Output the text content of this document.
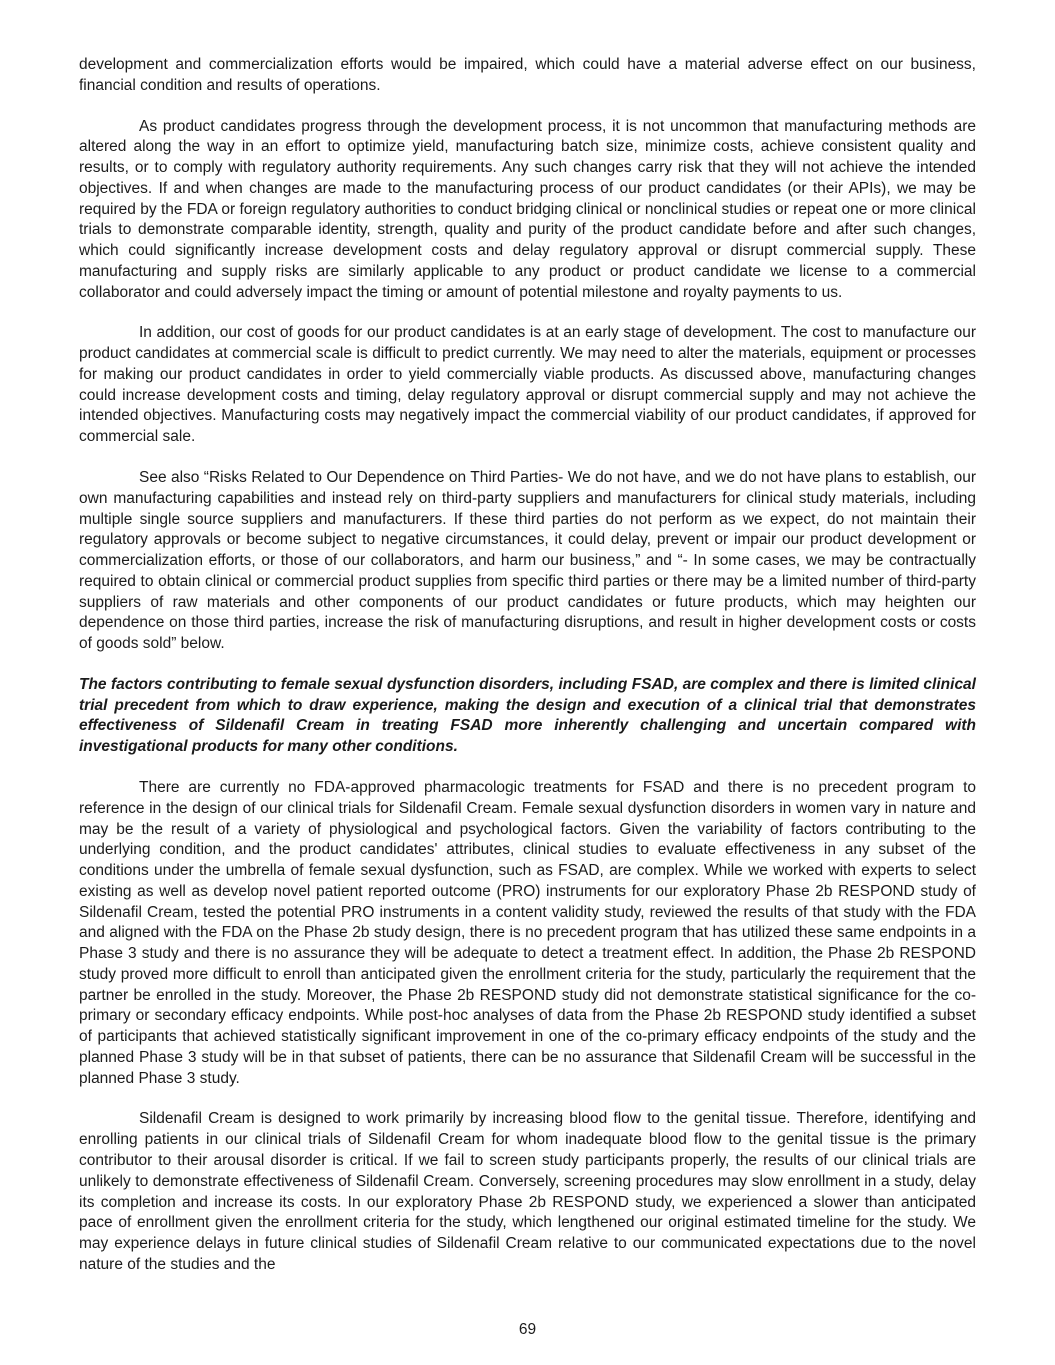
development and commercialization efforts would be impaired, which could have a material adverse effect on our business, financial condition and results of operations.

As product candidates progress through the development process, it is not uncommon that manufacturing methods are altered along the way in an effort to optimize yield, manufacturing batch size, minimize costs, achieve consistent quality and results, or to comply with regulatory authority requirements. Any such changes carry risk that they will not achieve the intended objectives. If and when changes are made to the manufacturing process of our product candidates (or their APIs), we may be required by the FDA or foreign regulatory authorities to conduct bridging clinical or nonclinical studies or repeat one or more clinical trials to demonstrate comparable identity, strength, quality and purity of the product candidate before and after such changes, which could significantly increase development costs and delay regulatory approval or disrupt commercial supply. These manufacturing and supply risks are similarly applicable to any product or product candidate we license to a commercial collaborator and could adversely impact the timing or amount of potential milestone and royalty payments to us.

In addition, our cost of goods for our product candidates is at an early stage of development. The cost to manufacture our product candidates at commercial scale is difficult to predict currently. We may need to alter the materials, equipment or processes for making our product candidates in order to yield commercially viable products. As discussed above, manufacturing changes could increase development costs and timing, delay regulatory approval or disrupt commercial supply and may not achieve the intended objectives. Manufacturing costs may negatively impact the commercial viability of our product candidates, if approved for commercial sale.

See also “Risks Related to Our Dependence on Third Parties- We do not have, and we do not have plans to establish, our own manufacturing capabilities and instead rely on third-party suppliers and manufacturers for clinical study materials, including multiple single source suppliers and manufacturers. If these third parties do not perform as we expect, do not maintain their regulatory approvals or become subject to negative circumstances, it could delay, prevent or impair our product development or commercialization efforts, or those of our collaborators, and harm our business,” and “- In some cases, we may be contractually required to obtain clinical or commercial product supplies from specific third parties or there may be a limited number of third-party suppliers of raw materials and other components of our product candidates or future products, which may heighten our dependence on those third parties, increase the risk of manufacturing disruptions, and result in higher development costs or costs of goods sold” below.

The factors contributing to female sexual dysfunction disorders, including FSAD, are complex and there is limited clinical trial precedent from which to draw experience, making the design and execution of a clinical trial that demonstrates effectiveness of Sildenafil Cream in treating FSAD more inherently challenging and uncertain compared with investigational products for many other conditions.

There are currently no FDA-approved pharmacologic treatments for FSAD and there is no precedent program to reference in the design of our clinical trials for Sildenafil Cream. Female sexual dysfunction disorders in women vary in nature and may be the result of a variety of physiological and psychological factors. Given the variability of factors contributing to the underlying condition, and the product candidates' attributes, clinical studies to evaluate effectiveness in any subset of the conditions under the umbrella of female sexual dysfunction, such as FSAD, are complex. While we worked with experts to select existing as well as develop novel patient reported outcome (PRO) instruments for our exploratory Phase 2b RESPOND study of Sildenafil Cream, tested the potential PRO instruments in a content validity study, reviewed the results of that study with the FDA and aligned with the FDA on the Phase 2b study design, there is no precedent program that has utilized these same endpoints in a Phase 3 study and there is no assurance they will be adequate to detect a treatment effect. In addition, the Phase 2b RESPOND study proved more difficult to enroll than anticipated given the enrollment criteria for the study, particularly the requirement that the partner be enrolled in the study. Moreover, the Phase 2b RESPOND study did not demonstrate statistical significance for the co-primary or secondary efficacy endpoints. While post-hoc analyses of data from the Phase 2b RESPOND study identified a subset of participants that achieved statistically significant improvement in one of the co-primary efficacy endpoints of the study and the planned Phase 3 study will be in that subset of patients, there can be no assurance that Sildenafil Cream will be successful in the planned Phase 3 study.

Sildenafil Cream is designed to work primarily by increasing blood flow to the genital tissue. Therefore, identifying and enrolling patients in our clinical trials of Sildenafil Cream for whom inadequate blood flow to the genital tissue is the primary contributor to their arousal disorder is critical. If we fail to screen study participants properly, the results of our clinical trials are unlikely to demonstrate effectiveness of Sildenafil Cream. Conversely, screening procedures may slow enrollment in a study, delay its completion and increase its costs. In our exploratory Phase 2b RESPOND study, we experienced a slower than anticipated pace of enrollment given the enrollment criteria for the study, which lengthened our original estimated timeline for the study. We may experience delays in future clinical studies of Sildenafil Cream relative to our communicated expectations due to the novel nature of the studies and the

69
